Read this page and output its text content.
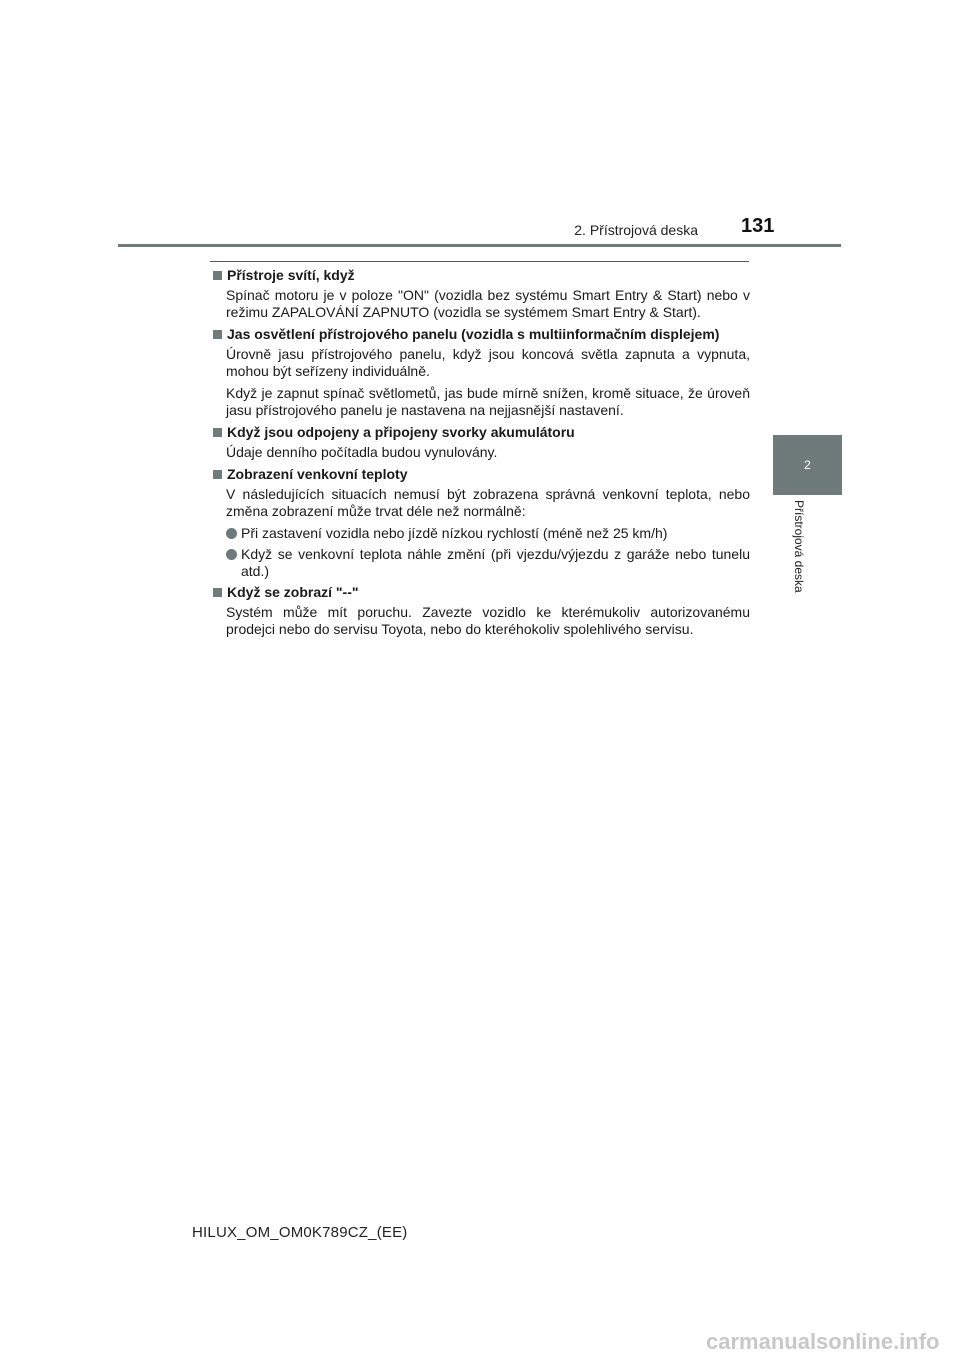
2. Přístrojová deska 131
2
Přístrojová deska
Přístroje svítí, když

Spínač motoru je v poloze "ON" (vozidla bez systému Smart Entry & Start) nebo v režimu ZAPALOVÁNÍ ZAPNUTO (vozidla se systémem Smart Entry & Start).

Jas osvětlení přístrojového panelu (vozidla s multiinformačním displejem)

Úrovně jasu přístrojového panelu, když jsou koncová světla zapnuta a vypnuta, mohou být seřízeny individuálně.

Když je zapnut spínač světlometů, jas bude mírně snížen, kromě situace, že úroveň jasu přístrojového panelu je nastavena na nejjasnější nastavení.

Když jsou odpojeny a připojeny svorky akumulátoru

Údaje denního počítadla budou vynulovány.

Zobrazení venkovní teploty

V následujících situacích nemusí být zobrazena správná venkovní teplota, nebo změna zobrazení může trvat déle než normálně:

Při zastavení vozidla nebo jízdě nízkou rychlostí (méně než 25 km/h)
Když se venkovní teplota náhle změní (při vjezdu/výjezdu z garáže nebo tunelu atd.)
Když se zobrazí "--"

Systém může mít poruchu. Zavezte vozidlo ke kterémukoliv autorizovanému prodejci nebo do servisu Toyota, nebo do kteréhokoliv spolehlivého servisu.

HILUX_OM_OM0K789CZ_(EE)
carmanualsonline.info
